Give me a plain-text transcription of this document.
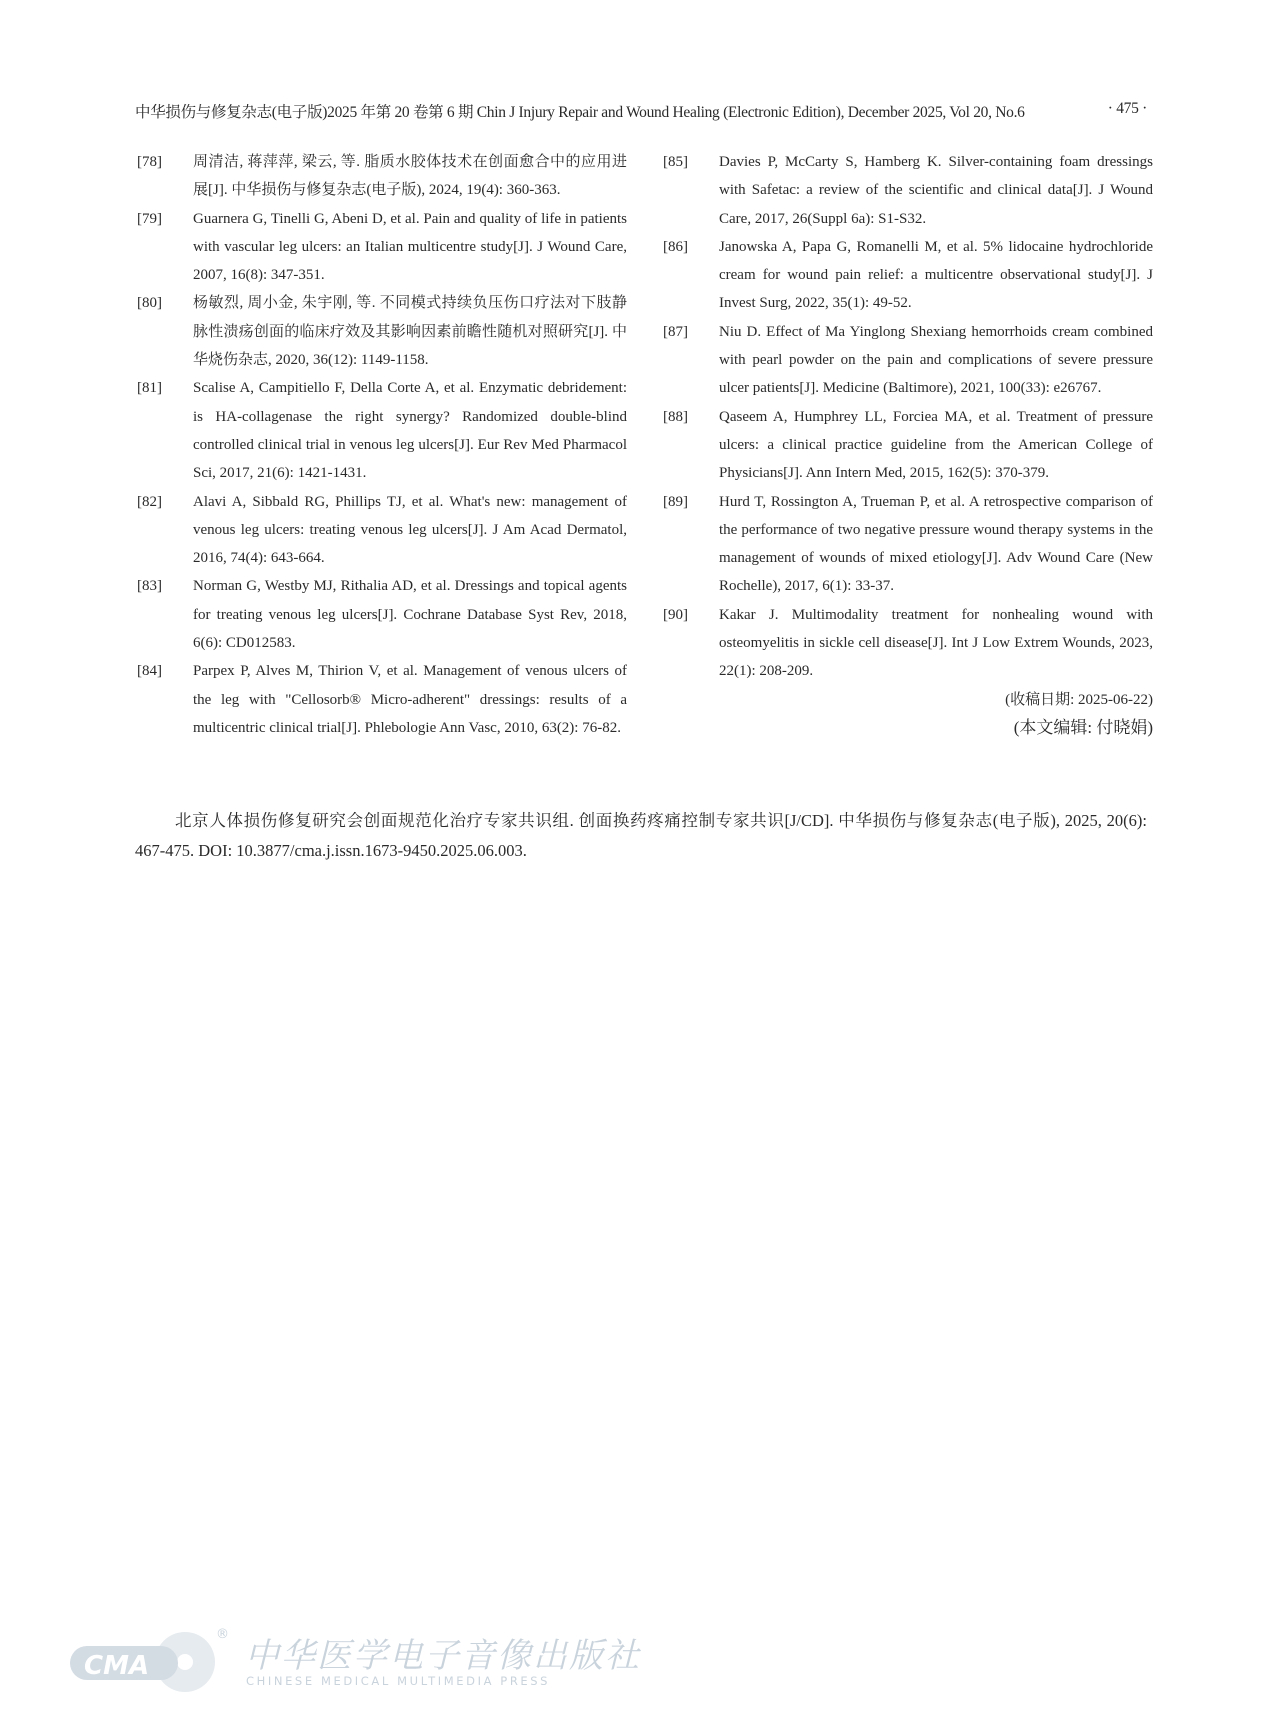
中华损伤与修复杂志(电子版)2025 年第 20 卷第 6 期 Chin J Injury Repair and Wound Healing (Electronic Edition), December 2025, Vol 20, No.6	· 475 ·

[78] 周清洁, 蒋萍萍, 梁云, 等. 脂质水胶体技术在创面愈合中的应用进展[J]. 中华损伤与修复杂志(电子版), 2024, 19(4): 360-363.

[79] Guarnera G, Tinelli G, Abeni D, et al. Pain and quality of life in patients with vascular leg ulcers: an Italian multicentre study[J]. J Wound Care, 2007, 16(8): 347-351.

[80] 杨敏烈, 周小金, 朱宇刚, 等. 不同模式持续负压伤口疗法对下肢静脉性溃疡创面的临床疗效及其影响因素前瞻性随机对照研究[J]. 中华烧伤杂志, 2020, 36(12): 1149-1158.

[81] Scalise A, Campitiello F, Della Corte A, et al. Enzymatic debridement: is HA-collagenase the right synergy? Randomized double-blind controlled clinical trial in venous leg ulcers[J]. Eur Rev Med Pharmacol Sci, 2017, 21(6): 1421-1431.

[82] Alavi A, Sibbald RG, Phillips TJ, et al. What's new: management of venous leg ulcers: treating venous leg ulcers[J]. J Am Acad Dermatol, 2016, 74(4): 643-664.

[83] Norman G, Westby MJ, Rithalia AD, et al. Dressings and topical agents for treating venous leg ulcers[J]. Cochrane Database Syst Rev, 2018, 6(6): CD012583.

[84] Parpex P, Alves M, Thirion V, et al. Management of venous ulcers of the leg with "Cellosorb® Micro-adherent" dressings: results of a multicentric clinical trial[J]. Phlebologie Ann Vasc, 2010, 63(2): 76-82.

[85] Davies P, McCarty S, Hamberg K. Silver-containing foam dressings with Safetac: a review of the scientific and clinical data[J]. J Wound Care, 2017, 26(Suppl 6a): S1-S32.

[86] Janowska A, Papa G, Romanelli M, et al. 5% lidocaine hydrochloride cream for wound pain relief: a multicentre observational study[J]. J Invest Surg, 2022, 35(1): 49-52.

[87] Niu D. Effect of Ma Yinglong Shexiang hemorrhoids cream combined with pearl powder on the pain and complications of severe pressure ulcer patients[J]. Medicine (Baltimore), 2021, 100(33): e26767.

[88] Qaseem A, Humphrey LL, Forciea MA, et al. Treatment of pressure ulcers: a clinical practice guideline from the American College of Physicians[J]. Ann Intern Med, 2015, 162(5): 370-379.

[89] Hurd T, Rossington A, Trueman P, et al. A retrospective comparison of the performance of two negative pressure wound therapy systems in the management of wounds of mixed etiology[J]. Adv Wound Care (New Rochelle), 2017, 6(1): 33-37.

[90] Kakar J. Multimodality treatment for nonhealing wound with osteomyelitis in sickle cell disease[J]. Int J Low Extrem Wounds, 2023, 22(1): 208-209.

(收稿日期: 2025-06-22)

(本文编辑: 付晓娟)

北京人体损伤修复研究会创面规范化治疗专家共识组. 创面换药疼痛控制专家共识[J/CD]. 中华损伤与修复杂志(电子版), 2025, 20(6): 467-475. DOI: 10.3877/cma.j.issn.1673-9450.2025.06.003.

CMA
®
中华医学电子音像出版社
CHINESE MEDICAL MULTIMEDIA PRESS
